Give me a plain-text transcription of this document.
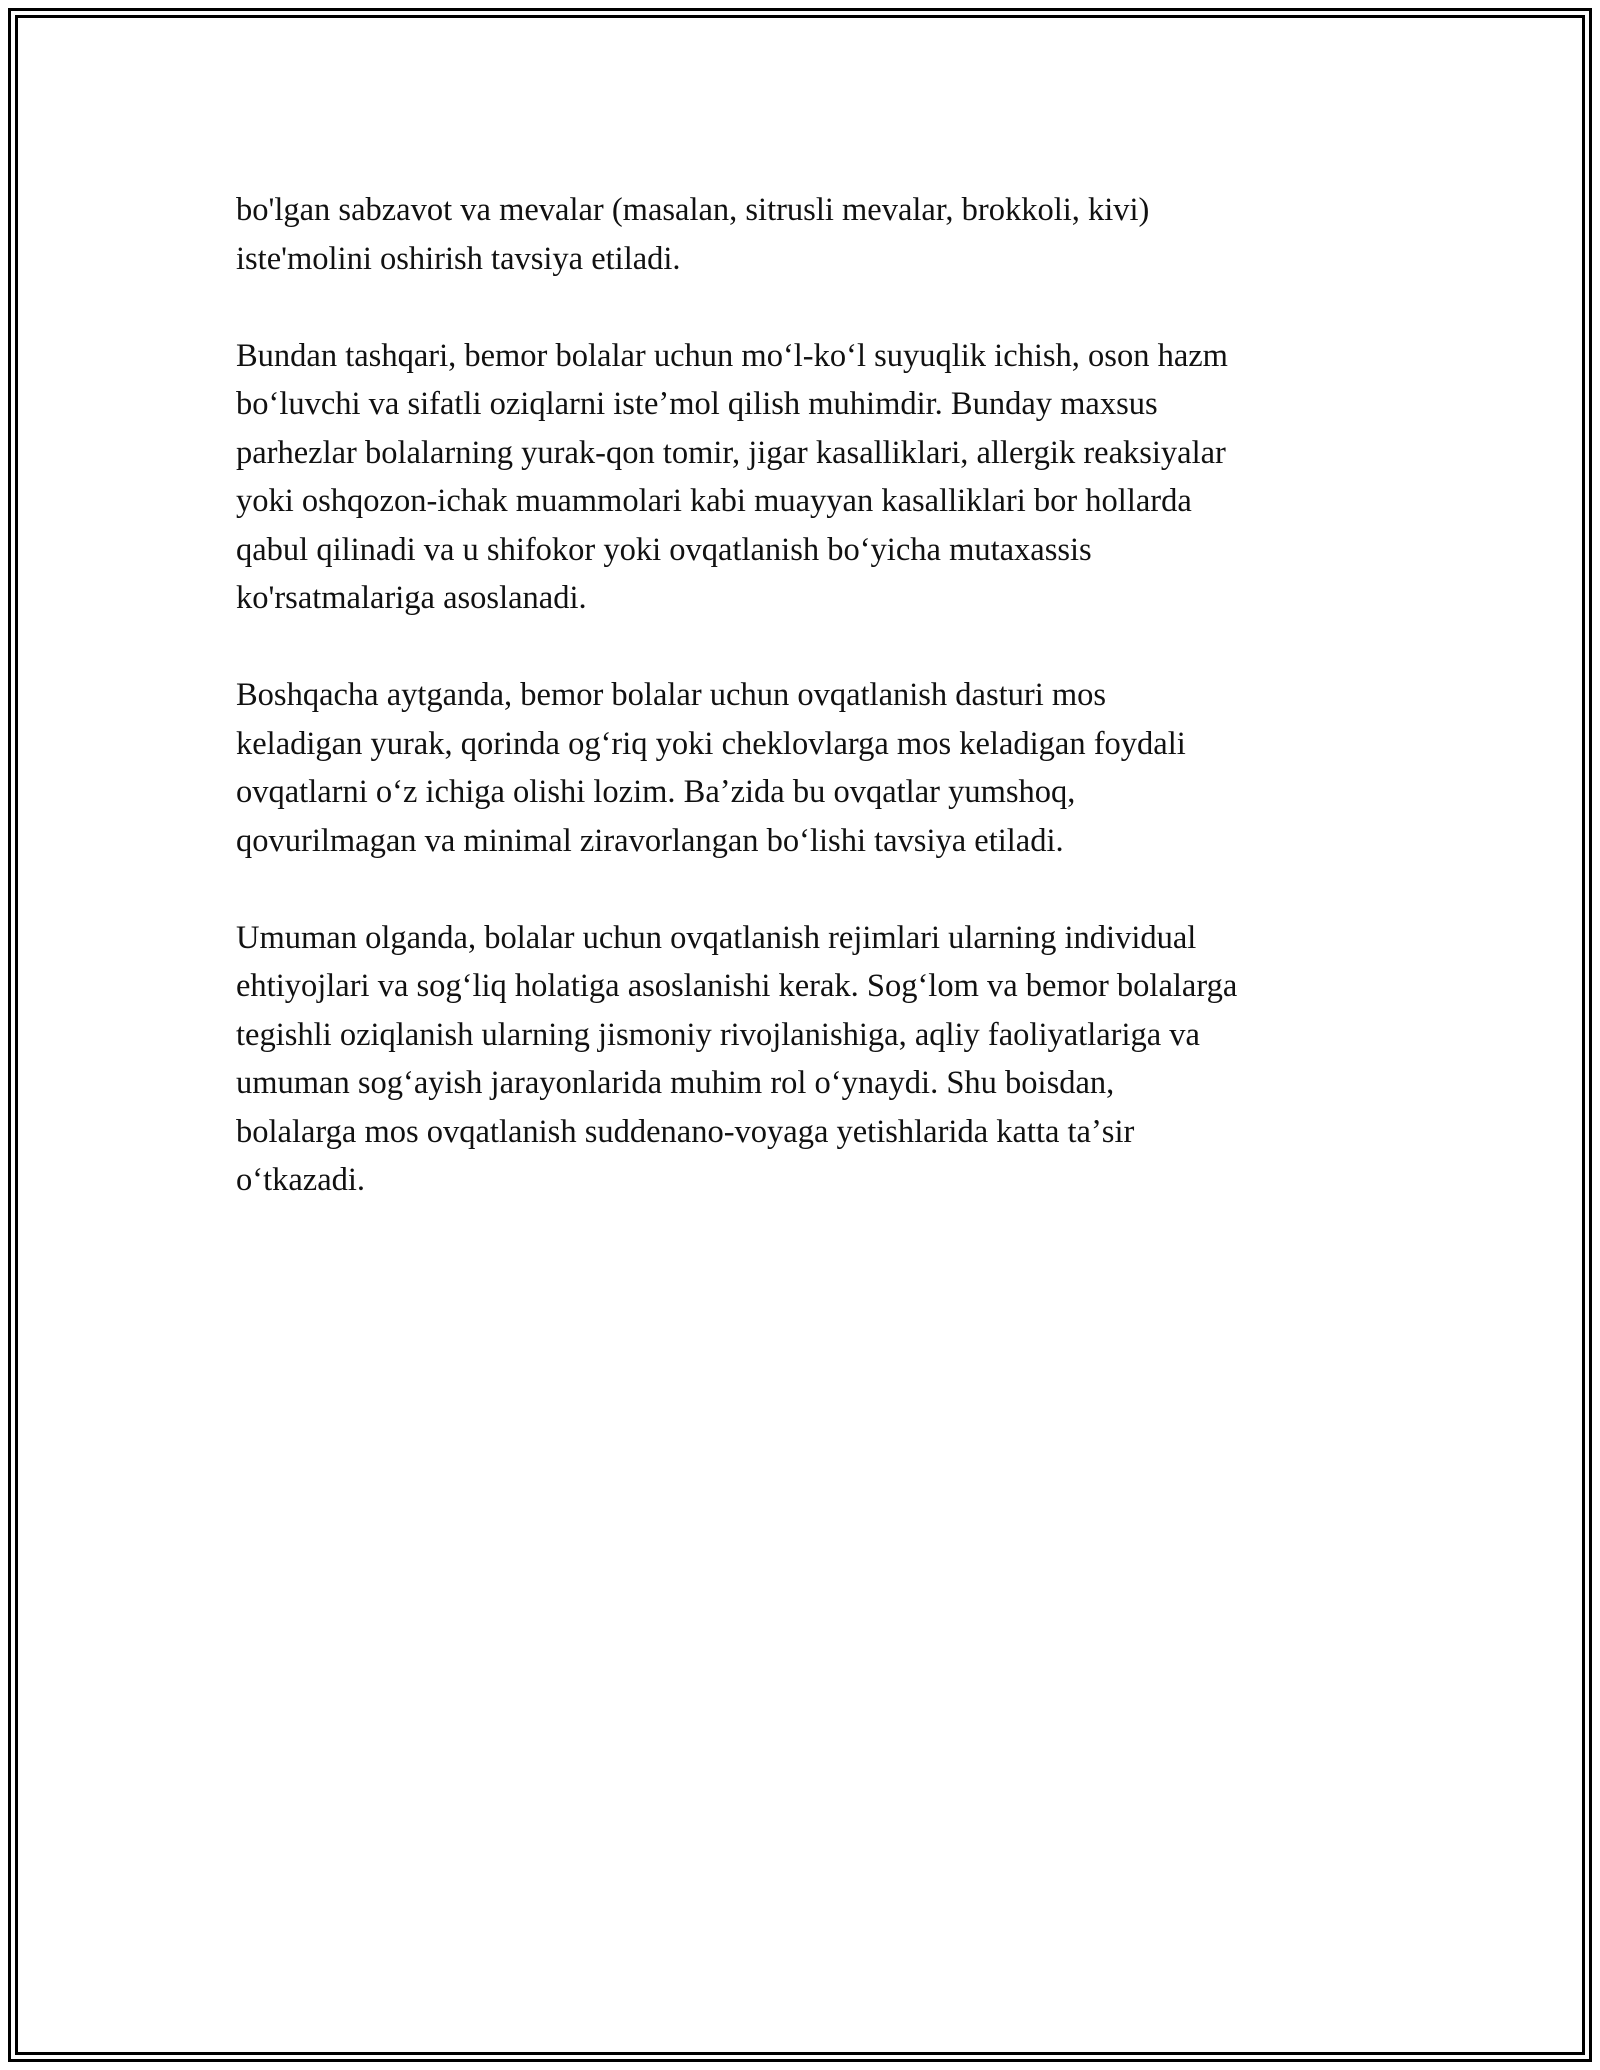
bo'lgan sabzavot va mevalar (masalan, sitrusli mevalar, brokkoli, kivi)
iste'molini oshirish tavsiya etiladi.

Bundan tashqari, bemor bolalar uchun moʻl-koʻl suyuqlik ichish, oson hazm
boʻluvchi va sifatli oziqlarni isteʼmol qilish muhimdir. Bunday maxsus
parhezlar bolalarning yurak-qon tomir, jigar kasalliklari, allergik reaksiyalar
yoki oshqozon-ichak muammolari kabi muayyan kasalliklari bor hollarda
qabul qilinadi va u shifokor yoki ovqatlanish boʻyicha mutaxassis
ko'rsatmalariga asoslanadi.

Boshqacha aytganda, bemor bolalar uchun ovqatlanish dasturi mos
keladigan yurak, qorinda ogʻriq yoki cheklovlarga mos keladigan foydali
ovqatlarni oʻz ichiga olishi lozim. Baʼzida bu ovqatlar yumshoq,
qovurilmagan va minimal ziravorlangan boʻlishi tavsiya etiladi.

Umuman olganda, bolalar uchun ovqatlanish rejimlari ularning individual
ehtiyojlari va sogʻliq holatiga asoslanishi kerak. Sogʻlom va bemor bolalarga
tegishli oziqlanish ularning jismoniy rivojlanishiga, aqliy faoliyatlariga va
umuman sogʻayish jarayonlarida muhim rol oʻynaydi. Shu boisdan,
bolalarga mos ovqatlanish suddenano-voyaga yetishlarida katta taʼsir
oʻtkazadi.
